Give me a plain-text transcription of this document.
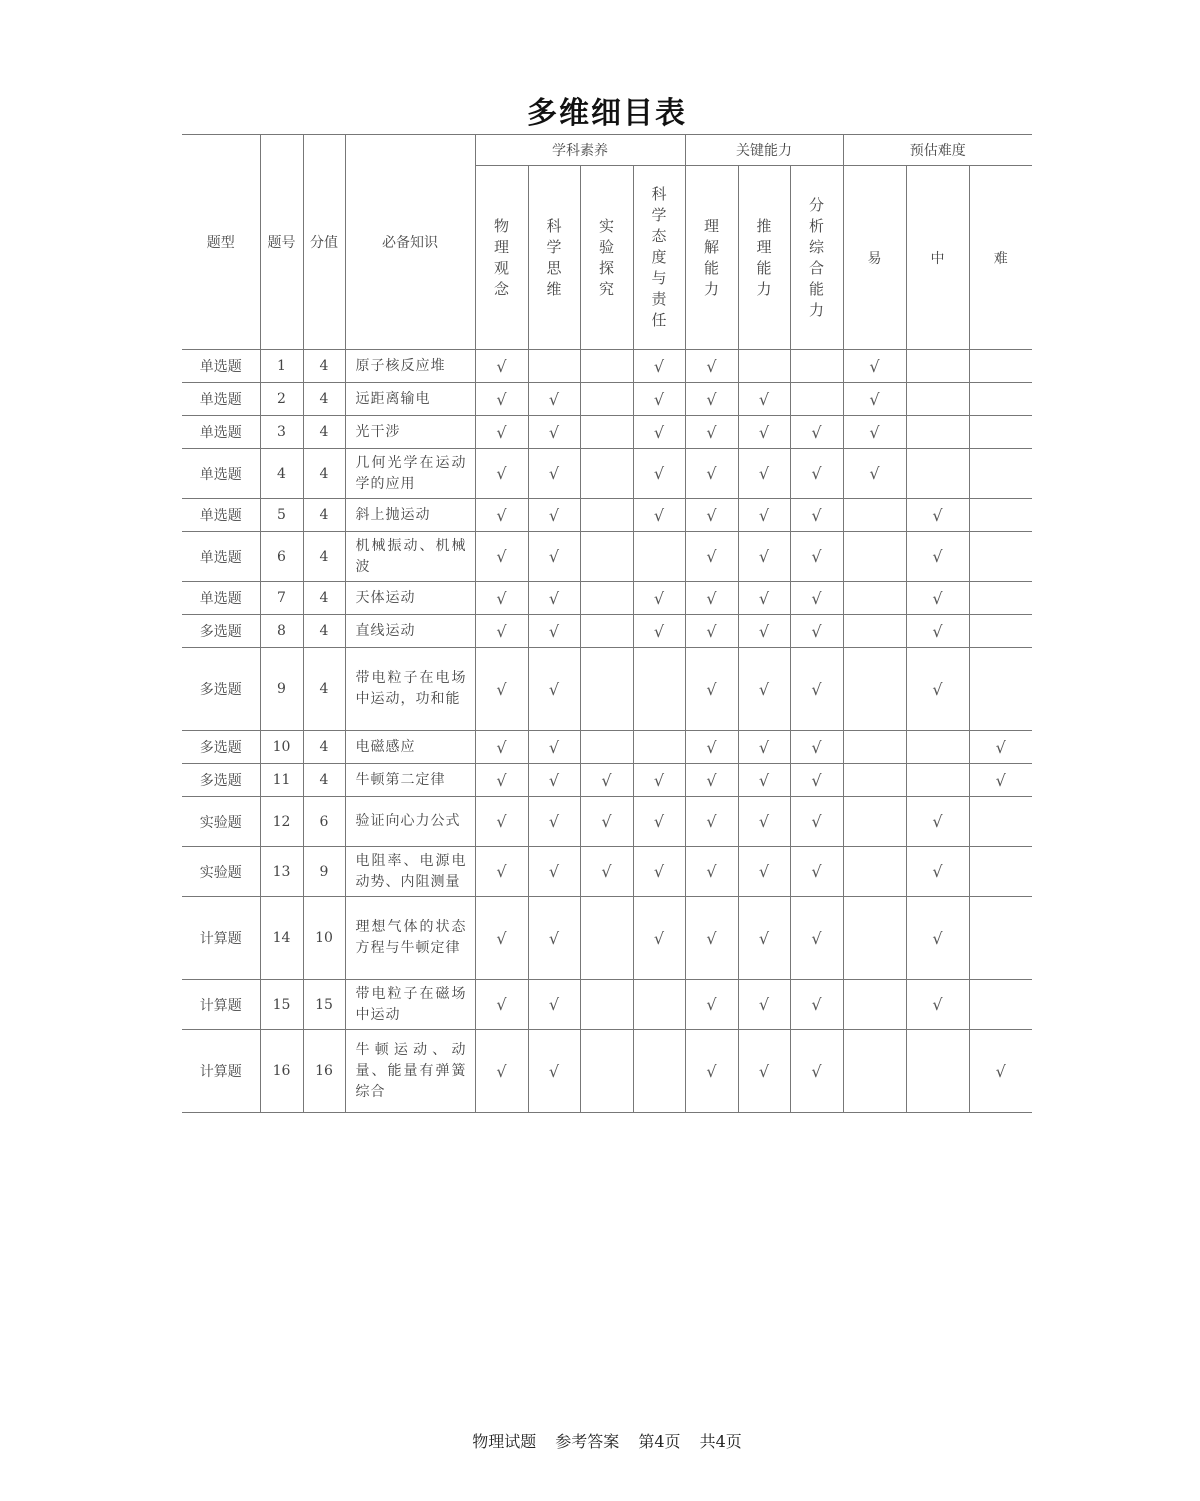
多维细目表
题型	题号	分值	必备知识	学科素养				关键能力			预估难度		
				物理观念	科学思维	实验探究	科学态度与责任	理解能力	推理能力	分析综合能力	易	中	难
单选题	1	4	原子核反应堆	√			√	√			√		
单选题	2	4	远距离输电	√	√		√	√	√		√		
单选题	3	4	光干涉	√	√		√	√	√	√	√		
单选题	4	4	几何光学在运动学的应用	√	√		√	√	√	√	√		
单选题	5	4	斜上抛运动	√	√		√	√	√	√		√	
单选题	6	4	机械振动、机械波	√	√			√	√	√		√	
单选题	7	4	天体运动	√	√		√	√	√	√		√	
多选题	8	4	直线运动	√	√		√	√	√	√		√	
多选题	9	4	带电粒子在电场中运动，功和能	√	√			√	√	√		√	
多选题	10	4	电磁感应	√	√			√	√	√			√
多选题	11	4	牛顿第二定律	√	√	√	√	√	√	√			√
实验题	12	6	验证向心力公式	√	√	√	√	√	√	√		√	
实验题	13	9	电阻率、电源电动势、内阻测量	√	√	√	√	√	√	√		√	
计算题	14	10	理想气体的状态方程与牛顿定律	√	√		√	√	√	√		√	
计算题	15	15	带电粒子在磁场中运动	√	√			√	√	√		√	
计算题	16	16	牛顿运动、动量、能量有弹簧综合	√	√			√	√	√			√
物理试题 参考答案 第4页 共4页
